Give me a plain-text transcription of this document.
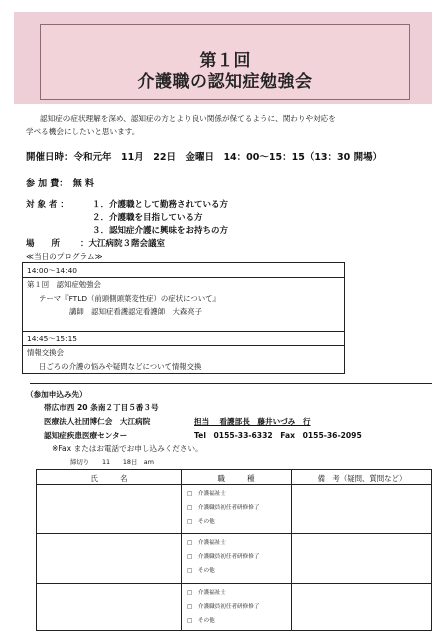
第１回
介護職の認知症勉強会
認知症の症状理解を深め、認知症の方とより良い関係が保てるように、関わりや対応を
学べる機会にしたいと思います。
開催日時：令和元年　11月　22日　金曜日　14：00～15：15（13：30 開場）
参 加 費：　無 料
対 象 者 ：	１．介護職として勤務されている方
２．介護職を目指している方
３．認知症介護に興味をお持ちの方
場　　所 ：大江病院３階会議室
≪当日のプログラム≫
14:00～14:40
第１回　認知症勉強会
テーマ『FTLD（前頭側頭葉変性症）の症状について』
講師　認知症看護認定看護師　大森亮子
14:45～15:15
情報交換会
日ごろの介護の悩みや疑問などについて情報交換
（参加申込み先）
帯広市西 20 条南２丁目５番３号
医療法人社団博仁会　大江病院	担当　 看護部長　藤井いづみ　行
認知症疾患医療センター	Tel　0155‐33‐6332　Fax　0155‐36‐2095
※Fax またはお電話でお申し込みください。
締切り　　11　　18日　am
氏　　　名	職　　　種	備　考（疑問、質問など）
□　介護福祉士
□　介護職員初任者研修修了
□　その他
□　介護福祉士
□　介護職員初任者研修修了
□　その他
□　介護福祉士
□　介護職員初任者研修修了
□　その他
